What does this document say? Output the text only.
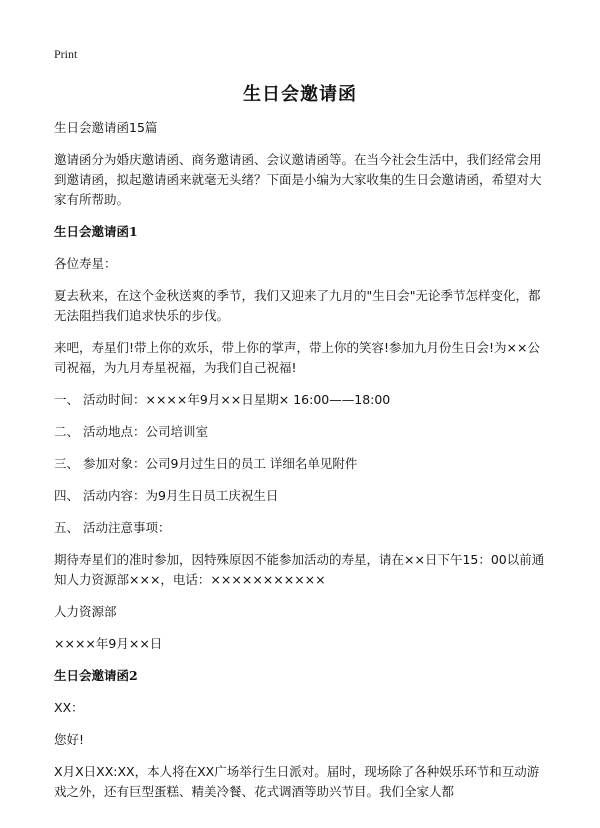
Print
生日会邀请函

生日会邀请函15篇

邀请函分为婚庆邀请函、商务邀请函、会议邀请函等。在当今社会生活中，我们经常会用到邀请函，拟起邀请函来就毫无头绪？下面是小编为大家收集的生日会邀请函，希望对大家有所帮助。

生日会邀请函1

各位寿星：

夏去秋来，在这个金秋送爽的季节，我们又迎来了九月的"生日会"无论季节怎样变化，都无法阻挡我们追求快乐的步伐。

来吧，寿星们!带上你的欢乐，带上你的掌声，带上你的笑容!参加九月份生日会!为××公司祝福，为九月寿星祝福，为我们自己祝福!

一、 活动时间：××××年9月××日星期× 16:00——18:00

二、 活动地点：公司培训室

三、 参加对象：公司9月过生日的员工 详细名单见附件

四、 活动内容：为9月生日员工庆祝生日

五、 活动注意事项：

期待寿星们的准时参加，因特殊原因不能参加活动的寿星，请在××日下午15：00以前通知人力资源部×××，电话：×××××××××××

人力资源部

××××年9月××日

生日会邀请函2

XX：

您好!

X月X日XX:XX，本人将在XX广场举行生日派对。届时，现场除了各种娱乐环节和互动游戏之外，还有巨型蛋糕、精美冷餐、花式调酒等助兴节目。我们全家人都
